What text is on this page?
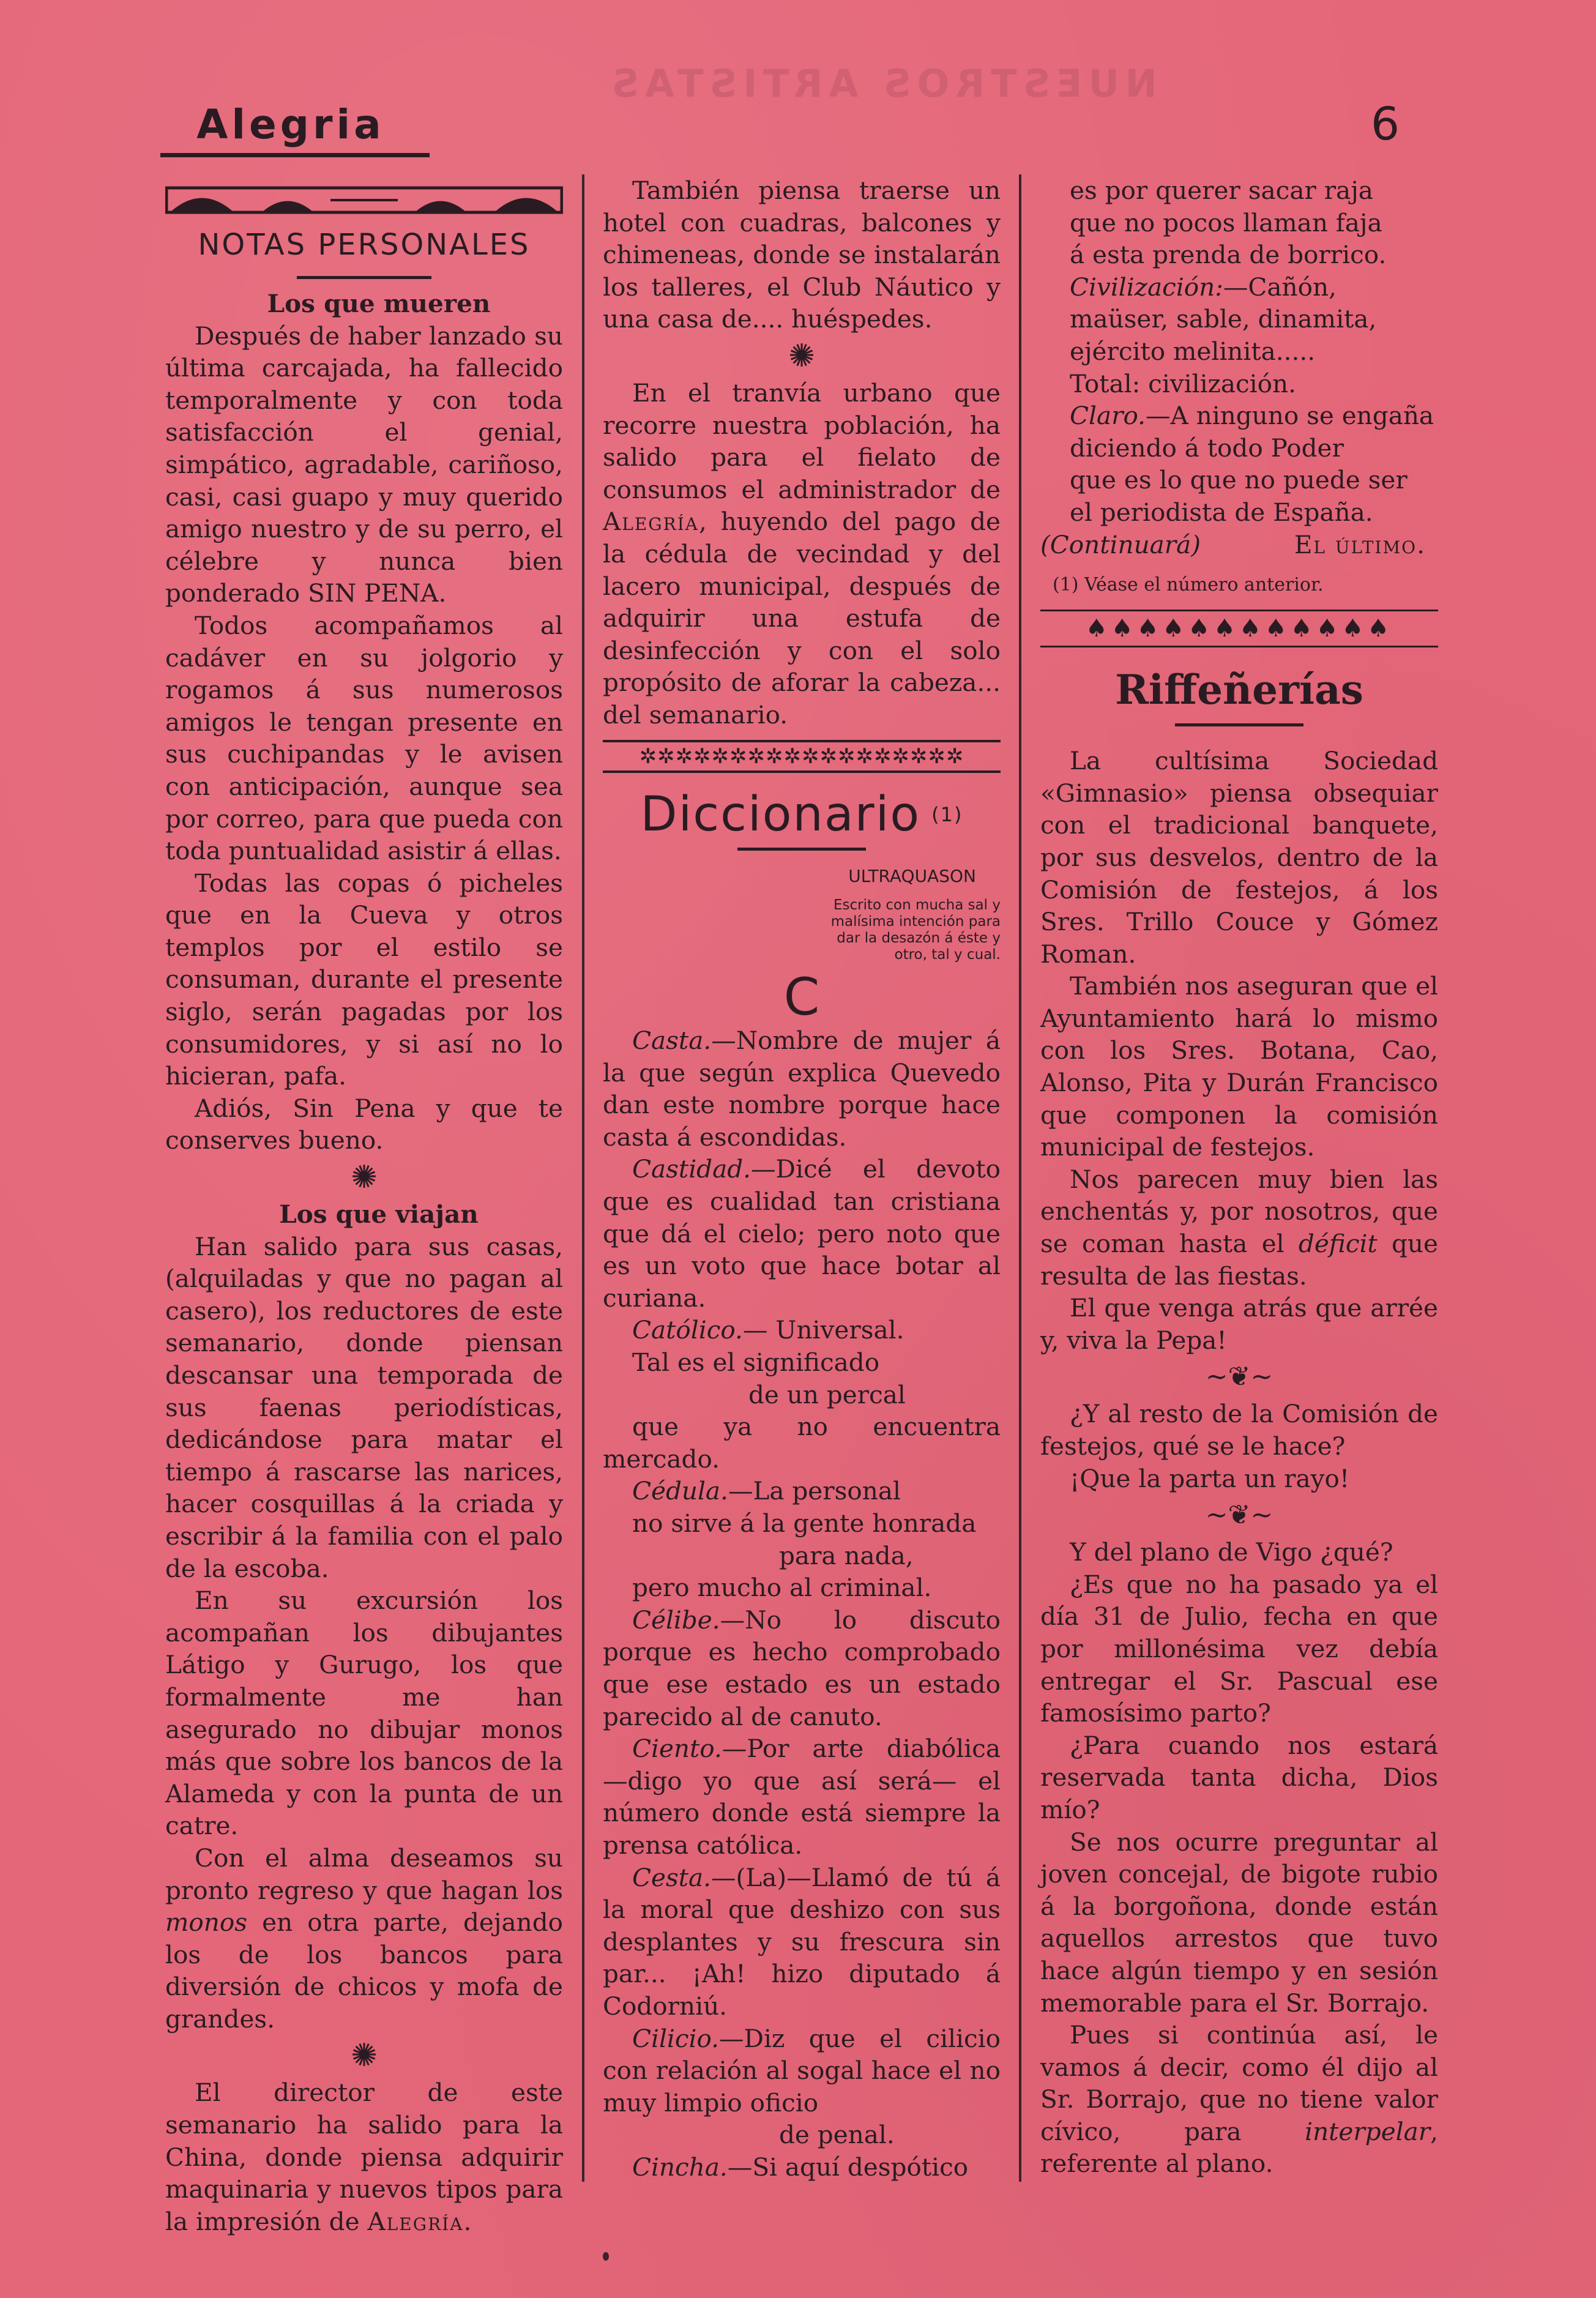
NUESTROS ARTISTAS
Alegria	6
NOTAS PERSONALES

Los que mueren

Después de haber lanzado su última carcajada, ha fallecido temporalmente y con toda satisfacción el genial, simpático, agradable, cariñoso, casi, casi guapo y muy querido amigo nuestro y de su perro, el célebre y nunca bien ponderado SIN PENA.

Todos acompañamos al cadáver en su jolgorio y rogamos á sus numerosos amigos le tengan presente en sus cuchipandas y le avisen con anticipación, aunque sea por correo, para que pueda con toda puntualidad asistir á ellas.

Todas las copas ó picheles que en la Cueva y otros templos por el estilo se consuman, durante el presente siglo, serán pagadas por los consumidores, y si así no lo hicieran, pafa.

Adiós, Sin Pena y que te conserves bueno.

✺

Los que viajan

Han salido para sus casas, (alquiladas y que no pagan al casero), los reductores de este semanario, donde piensan descansar una temporada de sus faenas periodísticas, dedicándose para matar el tiempo á rascarse las narices, hacer cosquillas á la criada y escribir á la familia con el palo de la escoba.

En su excursión los acompañan los dibujantes Látigo y Gurugo, los que formalmente me han asegurado no dibujar monos más que sobre los bancos de la Alameda y con la punta de un catre.

Con el alma deseamos su pronto regreso y que hagan los monos en otra parte, dejando los de los bancos para diversión de chicos y mofa de grandes.

✺

El director de este semanario ha salido para la China, donde piensa adquirir maquinaria y nuevos tipos para la impresión de Alegría.

También piensa traerse un hotel con cuadras, balcones y chimeneas, donde se instalarán los talleres, el Club Náutico y una casa de.... huéspedes.

✺

En el tranvía urbano que recorre nuestra población, ha salido para el fielato de consumos el administrador de Alegría, huyendo del pago de la cédula de vecindad y del lacero municipal, después de adquirir una estufa de desinfección y con el solo propósito de aforar la cabeza... del semanario.

✲✲✲✲✲✲✲✲✲✲✲✲✲✲✲✲✲✲
Diccionario $^{(1)}$
ULTRAQUASON
Escrito con mucha sal y malísima intención para dar la desazón á éste y otro, tal y cual.
C

Casta.—Nombre de mujer á la que según explica Quevedo dan este nombre porque hace casta á escondidas.

Castidad.—Dicé el devoto que es cualidad tan cristiana que dá el cielo; pero noto que es un voto que hace botar al curiana.

Católico.— Universal.

Tal es el significado

de un percal

que ya no encuentra mercado.

Cédula.—La personal

no sirve á la gente honrada

para nada,

pero mucho al criminal.

Célibe.—No lo discuto porque es hecho comprobado que ese estado es un estado parecido al de canuto.

Ciento.—Por arte diabólica —digo yo que así será— el número donde está siempre la prensa católica.

Cesta.—(La)—Llamó de tú á la moral que deshizo con sus desplantes y su frescura sin par... ¡Ah! hizo diputado á Codorniú.

Cilicio.—Diz que el cilicio con relación al sogal hace el no muy limpio oficio

de penal.

Cincha.—Si aquí despótico

es por querer sacar raja

que no pocos llaman faja

á esta prenda de borrico.

Civilización:—Cañón,

maüser, sable, dinamita,

ejército melinita.....

Total: civilización.

Claro.—A ninguno se engaña

diciendo á todo Poder

que es lo que no puede ser

el periodista de España.

(Continuará)	El último.
(1) Véase el número anterior.
♠♠♠♠♠♠♠♠♠♠♠♠
Riffeñerías

La cultísima Sociedad «Gimnasio» piensa obsequiar con el tradicional banquete, por sus desvelos, dentro de la Comisión de festejos, á los Sres. Trillo Couce y Gómez Roman.

También nos aseguran que el Ayuntamiento hará lo mismo con los Sres. Botana, Cao, Alonso, Pita y Durán Francisco que componen la comisión municipal de festejos.

Nos parecen muy bien las enchentás y, por nosotros, que se coman hasta el déficit que resulta de las fiestas.

El que venga atrás que arrée y, viva la Pepa!

~❦~

¿Y al resto de la Comisión de festejos, qué se le hace?

¡Que la parta un rayo!

~❦~

Y del plano de Vigo ¿qué?

¿Es que no ha pasado ya el día 31 de Julio, fecha en que por millonésima vez debía entregar el Sr. Pascual ese famosísimo parto?

¿Para cuando nos estará reservada tanta dicha, Dios mío?

Se nos ocurre preguntar al joven concejal, de bigote rubio á la borgoñona, donde están aquellos arrestos que tuvo hace algún tiempo y en sesión memorable para el Sr. Borrajo.

Pues si continúa así, le vamos á decir, como él dijo al Sr. Borrajo, que no tiene valor cívico, para interpelar, referente al plano.
